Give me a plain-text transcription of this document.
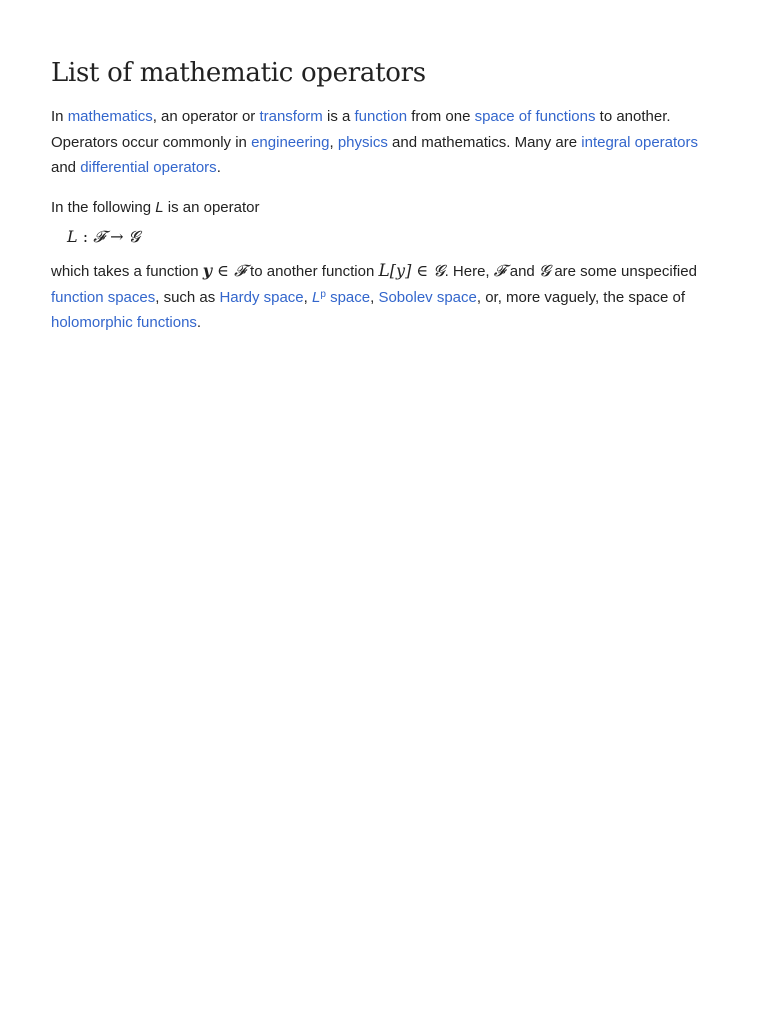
List of mathematic operators

In mathematics, an operator or transform is a function from one space of functions to another. Operators occur commonly in engineering, physics and mathematics. Many are integral operators and differential operators.

In the following L is an operator

L : 𝓕 → 𝓖

which takes a function y ∈ 𝓕 to another function L[y] ∈ 𝓖. Here, 𝓕 and 𝓖 are some unspecified function spaces, such as Hardy space, L$^p$ space, Sobolev space, or, more vaguely, the space of holomorphic functions.
